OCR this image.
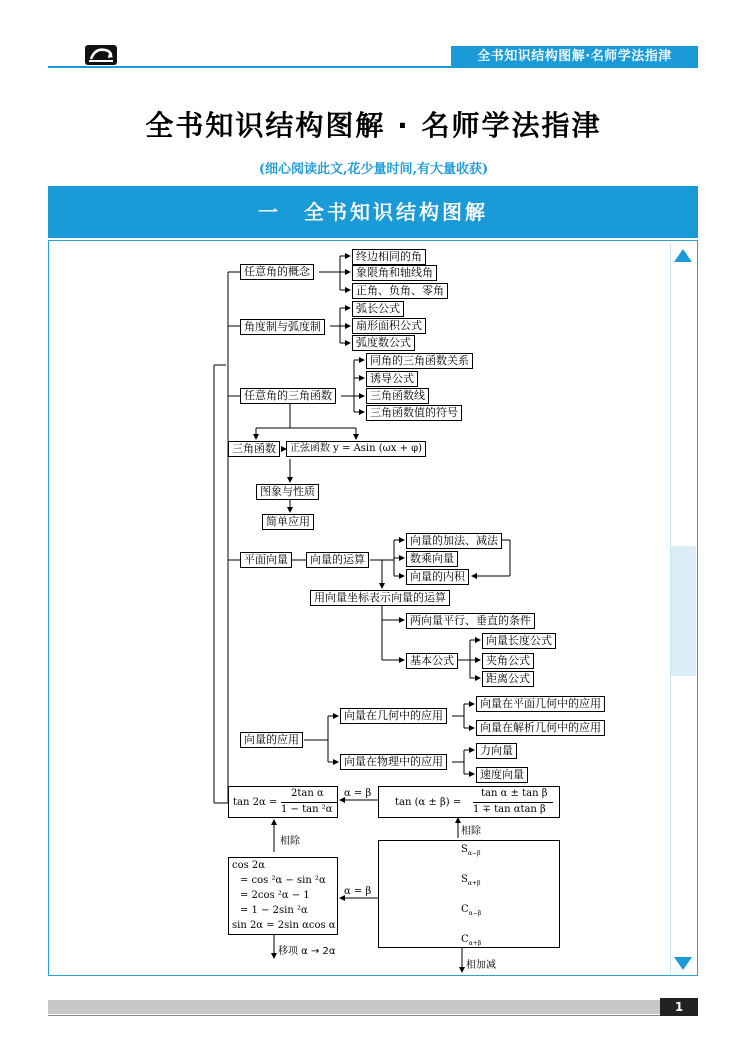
全书知识结构图解·名师学法指津
全书知识结构图解 · 名师学法指津
(细心阅读此文,花少量时间,有大量收获)
一　全书知识结构图解
任意角的概念
终边相同的角
象限角和轴线角
正角、负角、零角
角度制与弧度制
弧长公式
扇形面积公式
弧度数公式
任意角的三角函数
同角的三角函数关系
诱导公式
三角函数线
三角函数值的符号
三角函数	正弦函数 y = Asin (ωx + φ)
图象与性质
简单应用
平面向量	向量的运算
向量的加法、减法
数乘向量
向量的内积
用向量坐标表示向量的运算
两向量平行、垂直的条件
基本公式
向量长度公式
夹角公式
距离公式
向量的应用
向量在几何中的应用
向量在平面几何中的应用
向量在解析几何中的应用
向量在物理中的应用
力向量
速度向量
tan 2α =
2tan α
1 − tan ²α
α = β
tan (α ± β) =
tan α ± tan β
1 ∓ tan αtan β
相除
相除
cos 2α
= cos ²α − sin ²α
= 2cos ²α − 1
= 1 − 2sin ²α
sin 2α = 2sin αcos α
α = β
移项 α → 2α
$S_{\alpha-\beta}$
$S_{\alpha+\beta}$
$C_{\alpha-\beta}$
$C_{\alpha+\beta}$
相加减
1
